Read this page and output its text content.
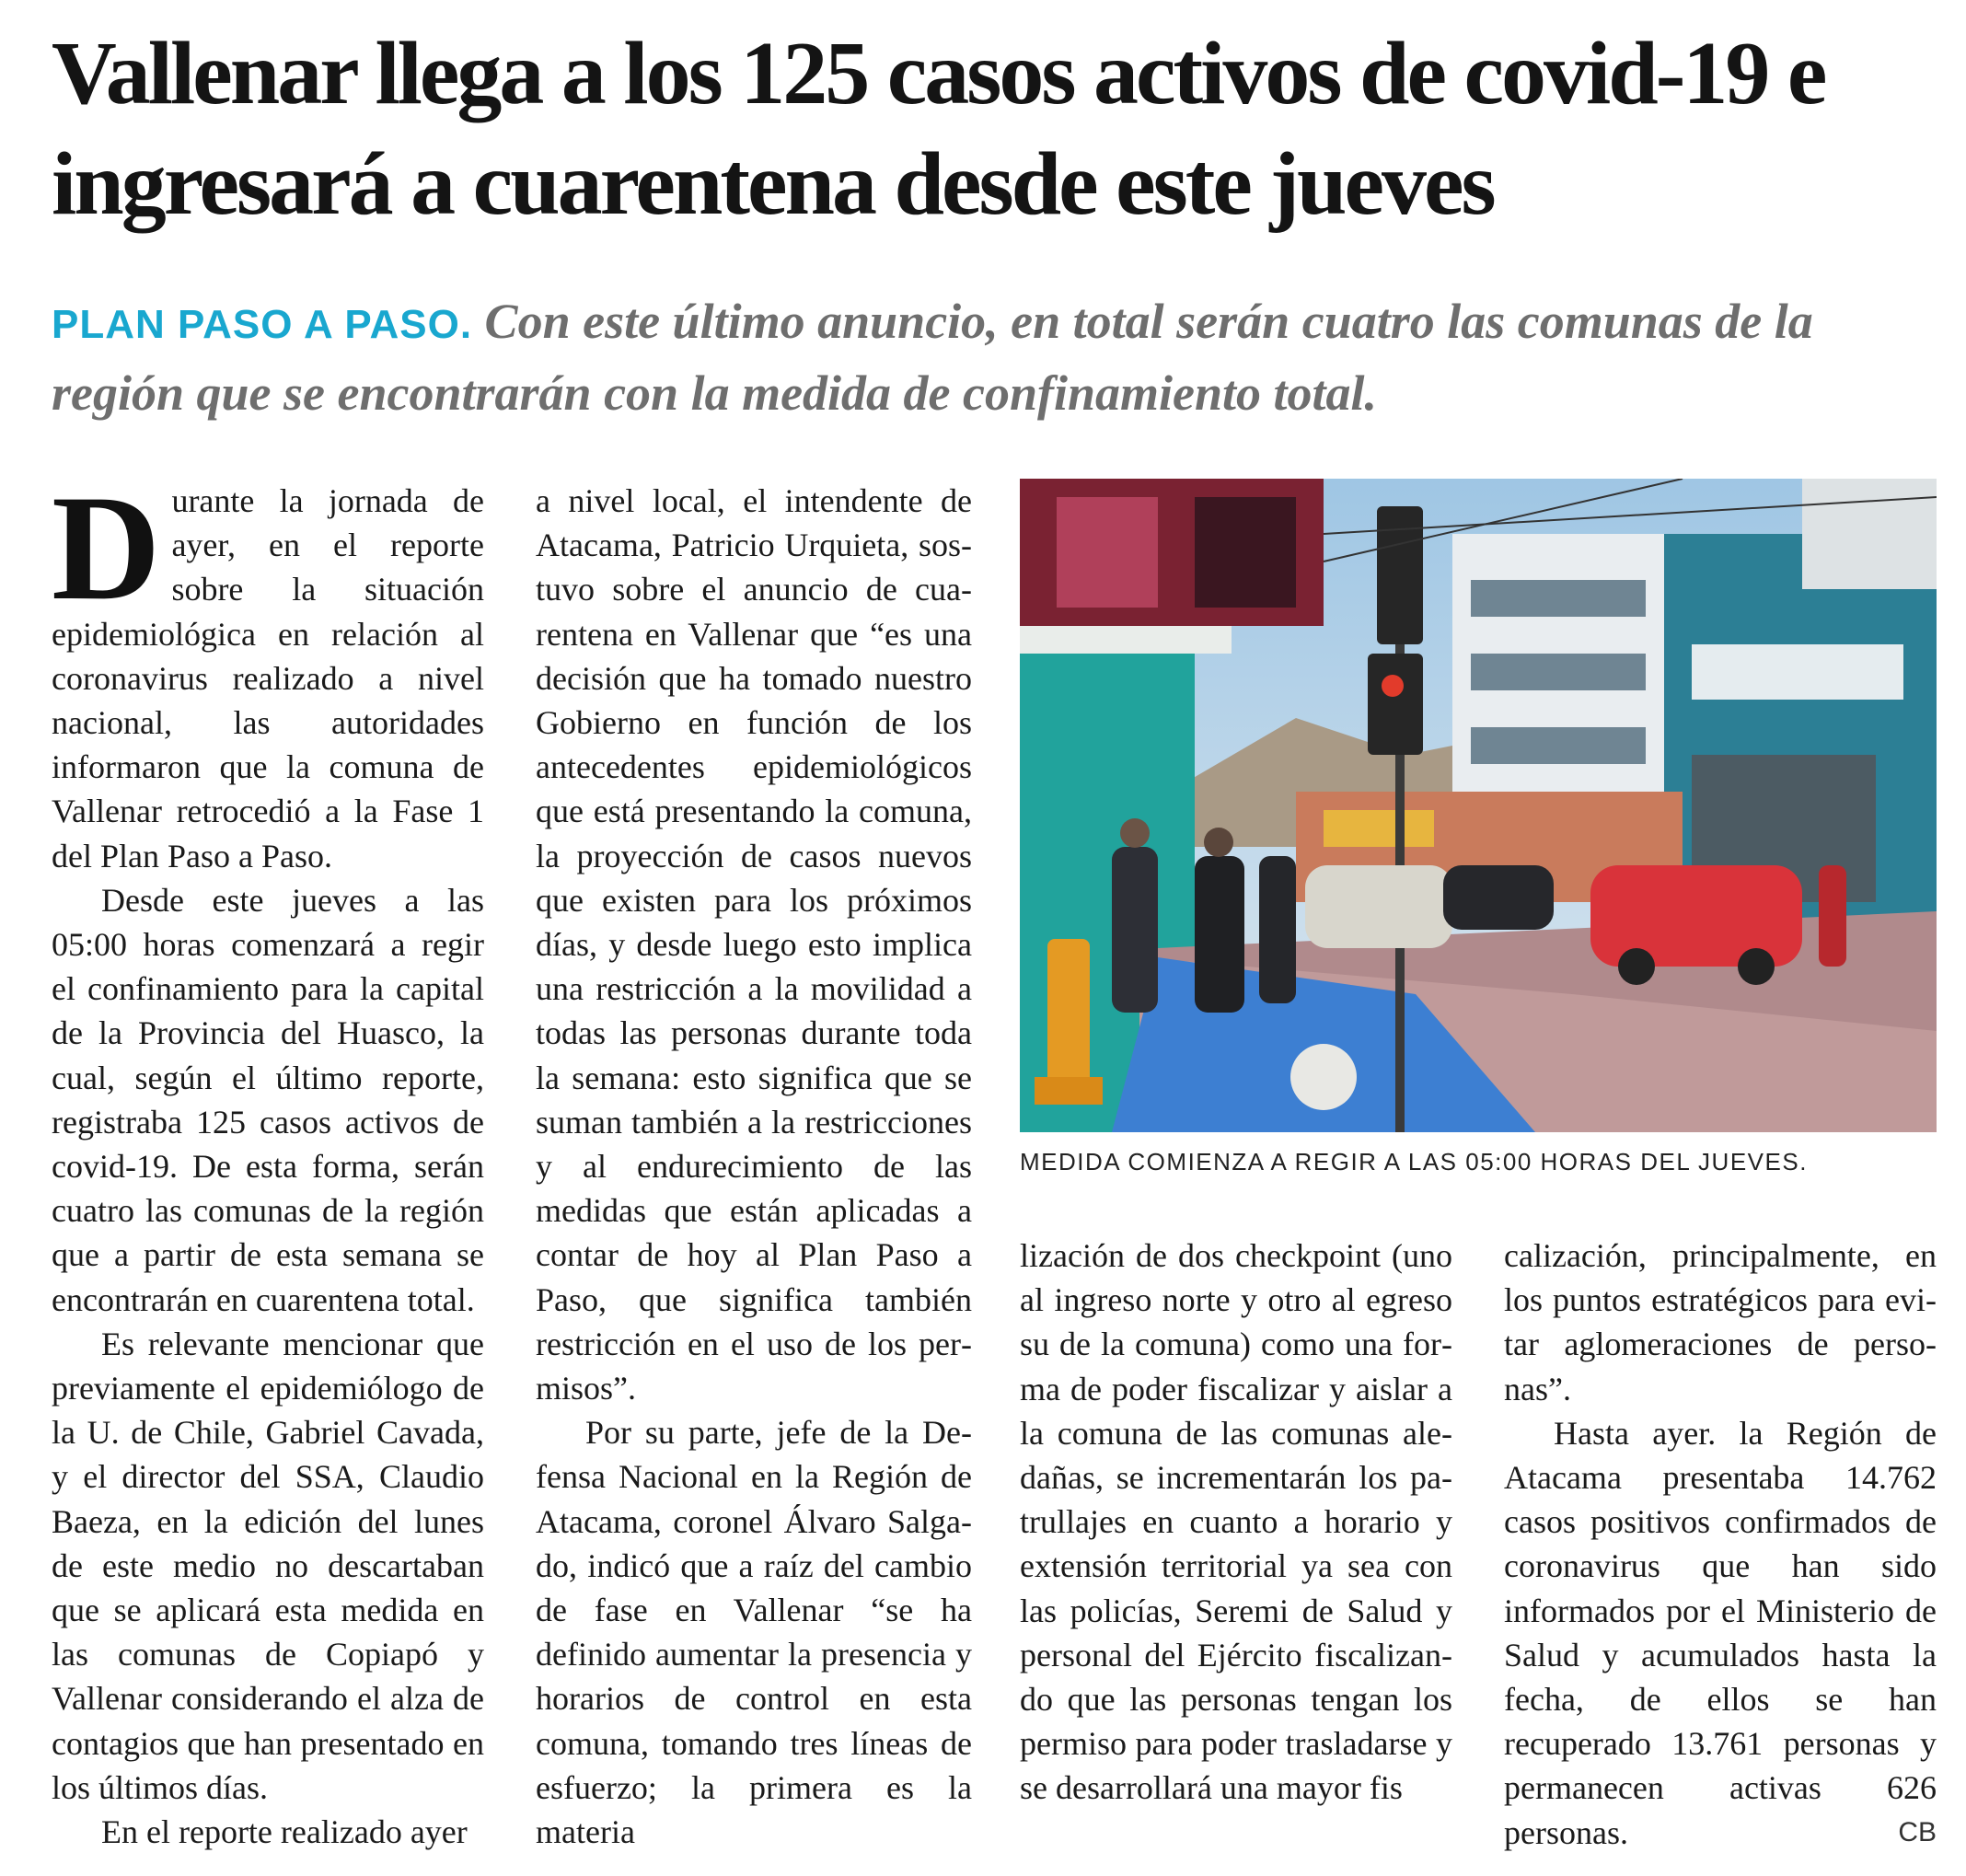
Vallenar llega a los 125 casos activos de covid-19 e ingresará a cuarentena desde este jueves

PLAN PASO A PASO. Con este último anuncio, en total serán cuatro las comunas de la región que se encontrarán con la medida de confinamiento total.

Durante la jornada de ayer, en el reporte sobre la situación epidemiológica en relación al coronavirus realizado a nivel nacional, las autoridades informaron que la comuna de Vallenar retrocedió a la Fase 1 del Plan Paso a Paso.

Desde este jueves a las 05:00 horas comenzará a regir el confinamiento para la capital de la Provincia del Huasco, la cual, según el último reporte, registraba 125 casos activos de covid-19. De esta forma, serán cuatro las comunas de la región que a partir de esta semana se encontrarán en cuarentena total.

Es relevante mencionar que previamente el epidemiólogo de la U. de Chile, Gabriel Cavada, y el director del SSA, Claudio Baeza, en la edición del lunes de este medio no descartaban que se aplicará esta medida en las comunas de Copiapó y Vallenar considerando el alza de contagios que han presentado en los últimos días.

En el reporte realizado ayer

a nivel local, el intendente de Atacama, Patricio Urquieta, sostuvo sobre el anuncio de cuarentena en Vallenar que “es una decisión que ha tomado nuestro Gobierno en función de los antecedentes epidemiológicos que está presentando la comuna, la proyección de casos nuevos que existen para los próximos días, y desde luego esto implica una restricción a la movilidad a todas las personas durante toda la semana: esto significa que se suman también a la restricciones y al endurecimiento de las medidas que están aplicadas a contar de hoy al Plan Paso a Paso, que significa también restricción en el uso de los permisos”.

Por su parte, jefe de la Defensa Nacional en la Región de Atacama, coronel Álvaro Salgado, indicó que a raíz del cambio de fase en Vallenar “se ha definido aumentar la presencia y horarios de control en esta comuna, tomando tres líneas de esfuerzo; la primera es la materia

MEDIDA COMIENZA A REGIR A LAS 05:00 HORAS DEL JUEVES.

lización de dos checkpoint (uno al ingreso norte y otro al egreso su de la comuna) como una forma de poder fiscalizar y aislar a la comuna de las comunas aledañas, se incrementarán los patrullajes en cuanto a horario y extensión territorial ya sea con las policías, Seremi de Salud y personal del Ejército fiscalizando que las personas tengan los permiso para poder trasladarse y se desarrollará una mayor fis

calización, principalmente, en los puntos estratégicos para evitar aglomeraciones de personas”.

Hasta ayer. la Región de Atacama presentaba 14.762 casos positivos confirmados de coronavirus que han sido informados por el Ministerio de Salud y acumulados hasta la fecha, de ellos se han recuperado 13.761 personas y permanecen activas 626 personas.	CB
